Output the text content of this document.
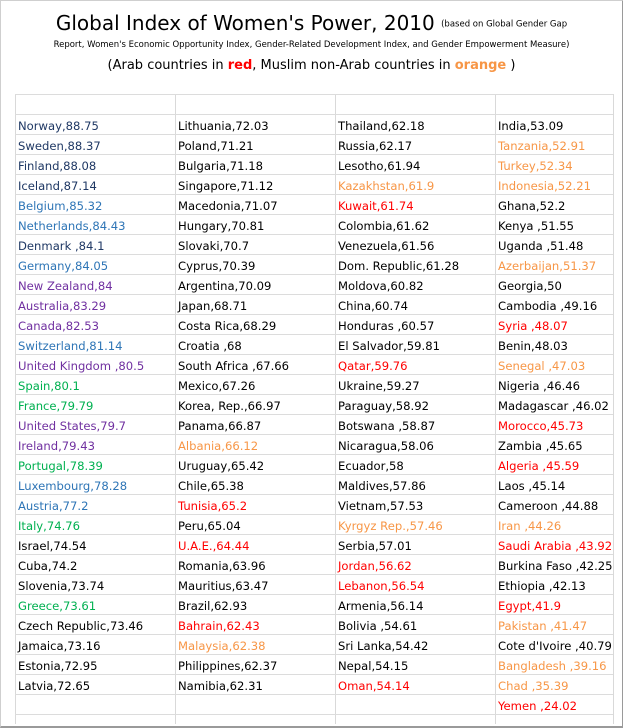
Global Index of Women's Power, 2010 (based on Global Gender Gap
Report, Women's Economic Opportunity Index, Gender-Related Development Index, and Gender Empowerment Measure)
(Arab countries in red, Muslim non-Arab countries in orange )
Norway,88.75
Sweden,88.37
Finland,88.08
Iceland,87.14
Belgium,85.32
Netherlands,84.43
Denmark ,84.1
Germany,84.05
New Zealand,84
Australia,83.29
Canada,82.53
Switzerland,81.14
United Kingdom ,80.5
Spain,80.1
France,79.79
United States,79.7
Ireland,79.43
Portugal,78.39
Luxembourg,78.28
Austria,77.2
Italy,74.76
Israel,74.54
Cuba,74.2
Slovenia,73.74
Greece,73.61
Czech Republic,73.46
Jamaica,73.16
Estonia,72.95
Latvia,72.65
Lithuania,72.03
Poland,71.21
Bulgaria,71.18
Singapore,71.12
Macedonia,71.07
Hungary,70.81
Slovaki,70.7
Cyprus,70.39
Argentina,70.09
Japan,68.71
Costa Rica,68.29
Croatia ,68
South Africa ,67.66
Mexico,67.26
Korea, Rep.,66.97
Panama,66.87
Albania,66.12
Uruguay,65.42
Chile,65.38
Tunisia,65.2
Peru,65.04
U.A.E.,64.44
Romania,63.96
Mauritius,63.47
Brazil,62.93
Bahrain,62.43
Malaysia,62.38
Philippines,62.37
Namibia,62.31
Thailand,62.18
Russia,62.17
Lesotho,61.94
Kazakhstan,61.9
Kuwait,61.74
Colombia,61.62
Venezuela,61.56
Dom. Republic,61.28
Moldova,60.82
China,60.74
Honduras ,60.57
El Salvador,59.81
Qatar,59.76
Ukraine,59.27
Paraguay,58.92
Botswana ,58.87
Nicaragua,58.06
Ecuador,58
Maldives,57.86
Vietnam,57.53
Kyrgyz Rep.,57.46
Serbia,57.01
Jordan,56.62
Lebanon,56.54
Armenia,56.14
Bolivia ,54.61
Sri Lanka,54.42
Nepal,54.15
Oman,54.14
India,53.09
Tanzania,52.91
Turkey,52.34
Indonesia,52.21
Ghana,52.2
Kenya ,51.55
Uganda ,51.48
Azerbaijan,51.37
Georgia,50
Cambodia ,49.16
Syria ,48.07
Benin,48.03
Senegal ,47.03
Nigeria ,46.46
Madagascar ,46.02
Morocco,45.73
Zambia ,45.65
Algeria ,45.59
Laos ,45.14
Cameroon ,44.88
Iran ,44.26
Saudi Arabia ,43.92
Burkina Faso ,42.25
Ethiopia ,42.13
Egypt,41.9
Pakistan ,41.47
Cote d'Ivoire ,40.79
Bangladesh ,39.16
Chad ,35.39
Yemen ,24.02
